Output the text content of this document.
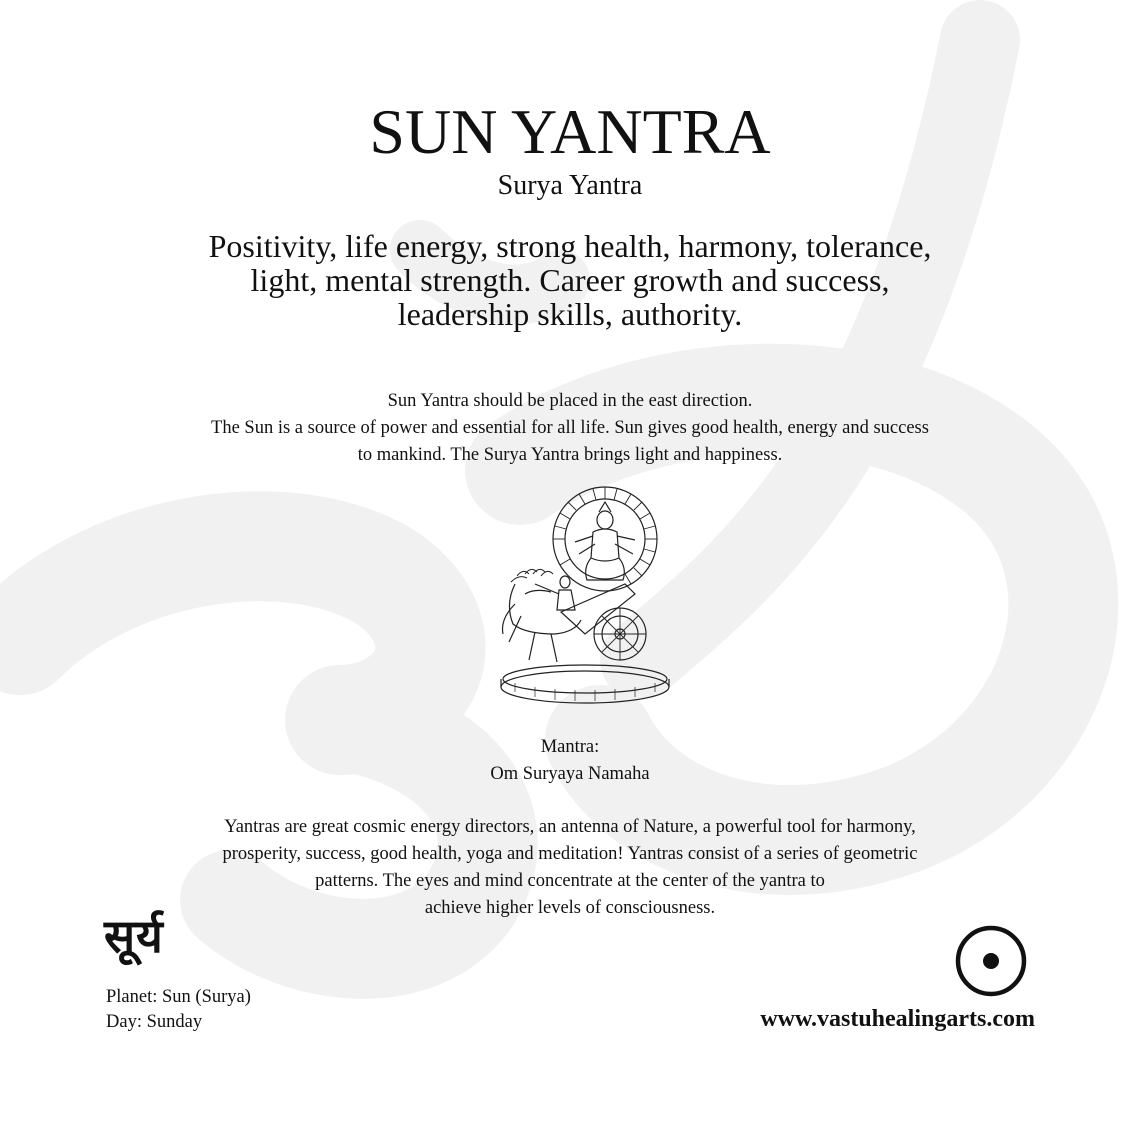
SUN YANTRA
Surya Yantra
Positivity, life energy, strong health, harmony, tolerance,
light, mental strength. Career growth and success,
leadership skills, authority.
Sun Yantra should be placed in the east direction.
The Sun is a source of power and essential for all life. Sun gives good health, energy and success
to mankind. The Surya Yantra brings light and happiness.
Mantra:
Om Suryaya Namaha
Yantras are great cosmic energy directors, an antenna of Nature, a powerful tool for harmony,
prosperity, success, good health, yoga and meditation! Yantras consist of a series of geometric
patterns. The eyes and mind concentrate at the center of the yantra to
achieve higher levels of consciousness.
सूर्य
Planet: Sun (Surya)
Day: Sunday	www.vastuhealingarts.com
